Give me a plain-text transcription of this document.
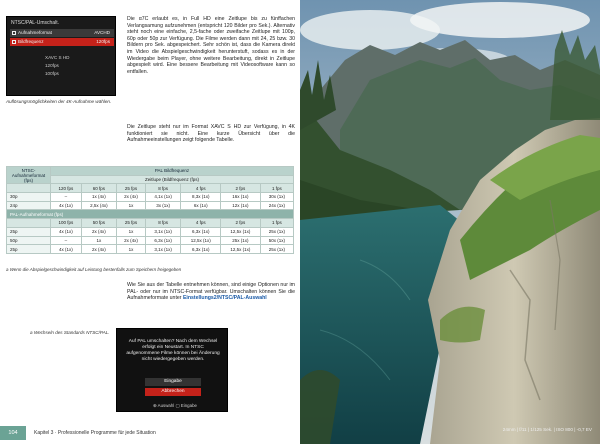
NTSC/PAL-Umschalt.
Aufnahmeformat	AVCHD
Bildfrequenz	120fps
XAVC S HD
120fps
100fps
Auflösungsmöglichkeiten der 4K-Aufnahme wählen.

Die α7C erlaubt es, in Full HD eine Zeitlupe bis zu fünffachen Verlangsamung aufzunehmen (entspricht 120 Bilder pro Sek.). Alternativ steht noch eine einfache, 2,5-fache oder zweifache Zeitlupe mit 100p, 60p oder 50p zur Verfügung. Die Filme werden dann mit 24, 25 bzw. 30 Bildern pro Sek. abgespeichert. Sehr schön ist, dass die Kamera direkt im Video die Abspielgeschwindigkeit herunterstuft, sodass es in der Wiedergabe beim Player, ohne weitere Bearbeitung, direkt in Zeitlupe abgespielt wird. Eine bessere Bearbeitung mit Videosoftware kann so entfallen.

Die Zeitlupe steht nur im Format XAVC S HD zur Verfügung, in 4K funktioniert sie nicht. Eine kurze Übersicht über die Aufnahmeeinstellungen zeigt folgende Tabelle.

NTSC-Aufnahmeformat (fps)	PAL Bildfrequenz						
	Zeitlupe (Bildfrequenz (fps)						
	120 fps	60 fps	25 fps	8 fps	4 fps	2 fps	1 fps
30p	–	1x (4x)	2x (4x)	4,1x (1x)	8,3x (1x)	16x (1x)	30x (1x)
24p	4x (1x)	2,5x (4x)	1x	3x (1x)	6x (1x)	12x (1x)	24x (1x)
PAL-Aufnahmeformat (fps)							
	100 fps	50 fps	25 fps	8 fps	4 fps	2 fps	1 fps
25p	4x (1x)	2x (4x)	1x	3,1x (1x)	6,3x (1x)	12,5x (1x)	25x (1x)
50p	–	1x	2x (4x)	6,3x (1x)	12,5x (1x)	25x (1x)	50x (1x)
25p	4x (1x)	2x (4x)	1x	3,1x (1x)	6,3x (1x)	12,5x (1x)	25x (1x)
a Wenn die Abspielgeschwindigkeit auf Leistung bestenfalls zum Speichern freigegeben

Wie Sie aus der Tabelle entnehmen können, sind einige Optionen nur im PAL- oder nur im NTSC-Format verfügbar. Umschalten können Sie die Aufnahmeformate unter Einstellungs2/NTSC/PAL-Auswahl

a Wechseln des Standards NTSC/PAL.
Auf PAL umschalten? Nach dem Wechsel erfolgt ein Neustart. In NTSC aufgenommene Filme können bei Änderung nicht wiedergegeben werden.
Eingabe
Abbrechen
⊕ Auswahl ▢ Eingabe
104	Kapitel 3 · Professionelle Programme für jede Situation
24mm | f/11 | 1/125 Sek. | ISO 800 | -0,7 EV
